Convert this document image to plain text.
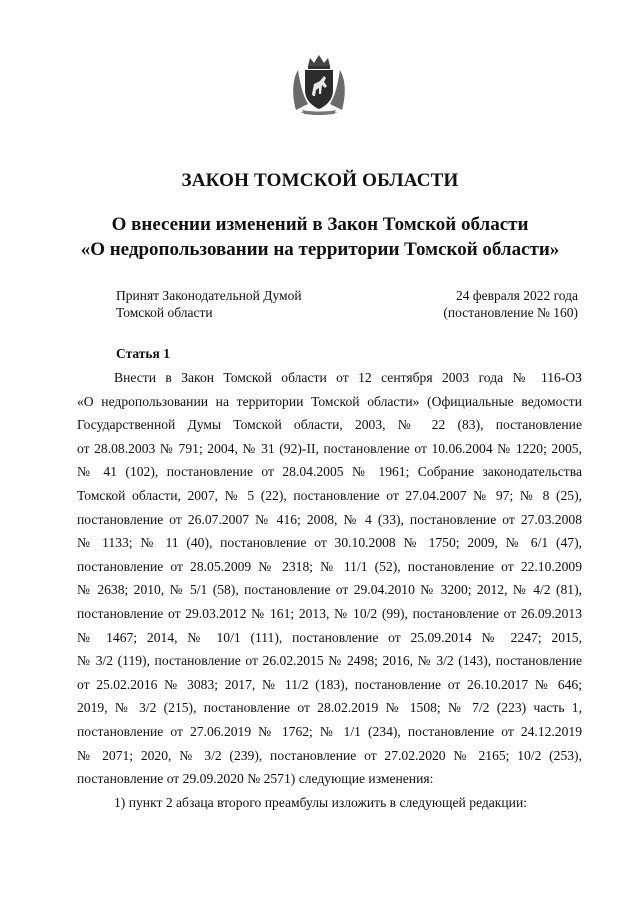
ЗАКОН ТОМСКОЙ ОБЛАСТИ
О внесении изменений в Закон Томской области
«О недропользовании на территории Томской области»
Принят Законодательной Думой
Томской области
24 февраля 2022 года
(постановление № 160)
Статья 1
Внести в Закон Томской области от 12 сентября 2003 года № 116-ОЗ
«О недропользовании на территории Томской области» (Официальные ведомости
Государственной Думы Томской области, 2003, № 22 (83), постановление
от 28.08.2003 № 791; 2004, № 31 (92)-II, постановление от 10.06.2004 № 1220; 2005,
№ 41 (102), постановление от 28.04.2005 № 1961; Собрание законодательства
Томской области, 2007, № 5 (22), постановление от 27.04.2007 № 97; № 8 (25),
постановление от 26.07.2007 № 416; 2008, № 4 (33), постановление от 27.03.2008
№ 1133; № 11 (40), постановление от 30.10.2008 № 1750; 2009, № 6/1 (47),
постановление от 28.05.2009 № 2318; № 11/1 (52), постановление от 22.10.2009
№ 2638; 2010, № 5/1 (58), постановление от 29.04.2010 № 3200; 2012, № 4/2 (81),
постановление от 29.03.2012 № 161; 2013, № 10/2 (99), постановление от 26.09.2013
№ 1467; 2014, № 10/1 (111), постановление от 25.09.2014 № 2247; 2015,
№ 3/2 (119), постановление от 26.02.2015 № 2498; 2016, № 3/2 (143), постановление
от 25.02.2016 № 3083; 2017, № 11/2 (183), постановление от 26.10.2017 № 646;
2019, № 3/2 (215), постановление от 28.02.2019 № 1508; № 7/2 (223) часть 1,
постановление от 27.06.2019 № 1762; № 1/1 (234), постановление от 24.12.2019
№ 2071; 2020, № 3/2 (239), постановление от 27.02.2020 № 2165; 10/2 (253),
постановление от 29.09.2020 № 2571) следующие изменения:
1) пункт 2 абзаца второго преамбулы изложить в следующей редакции:
